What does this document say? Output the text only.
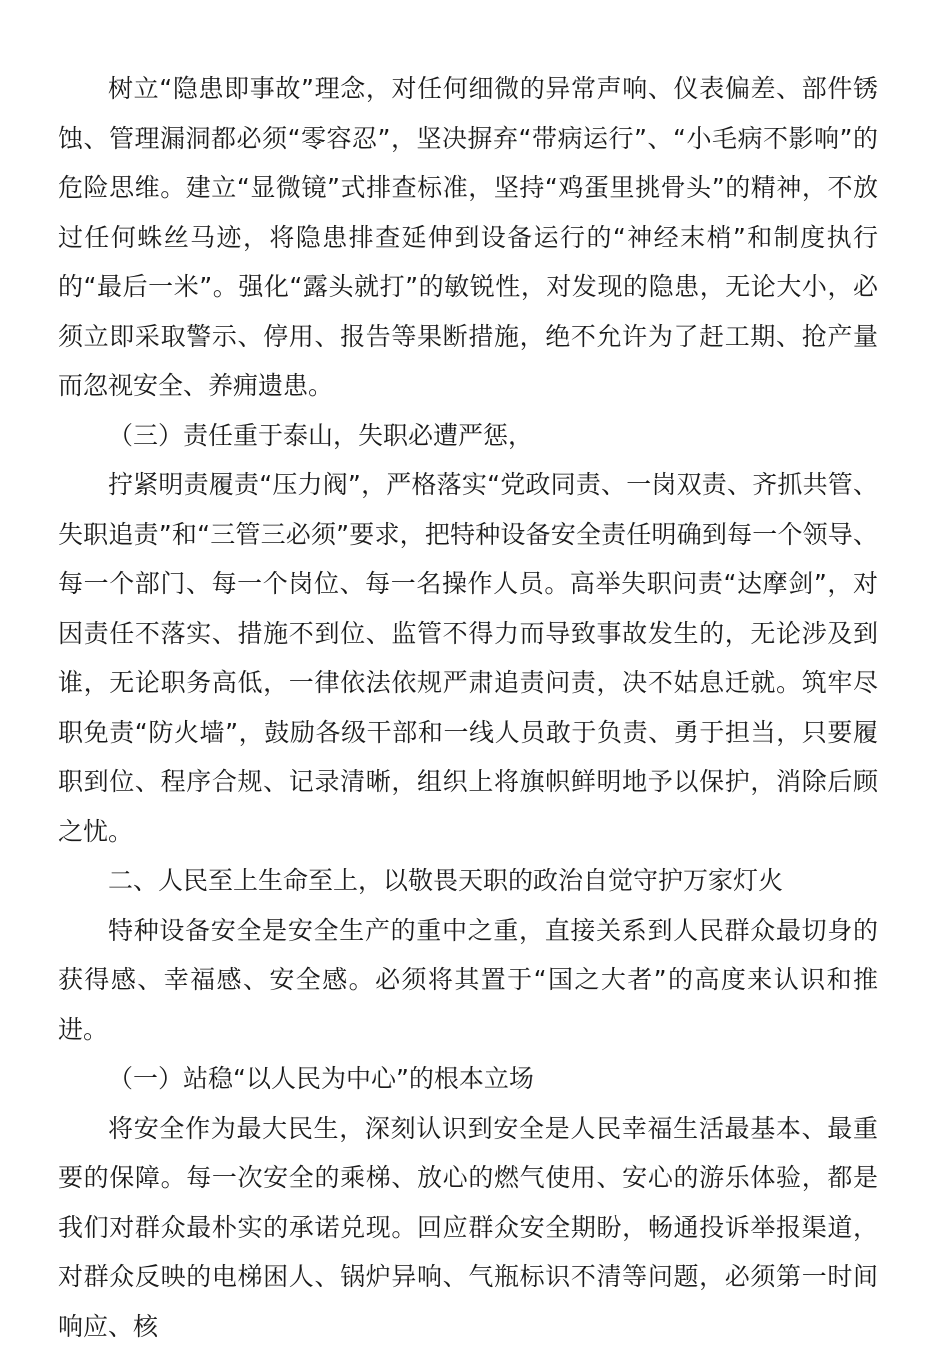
树立“隐患即事故”理念，对任何细微的异常声响、仪表偏差、部件锈蚀、管理漏洞都必须“零容忍”，坚决摒弃“带病运行”、“小毛病不影响”的危险思维。建立“显微镜”式排查标准，坚持“鸡蛋里挑骨头”的精神，不放过任何蛛丝马迹，将隐患排查延伸到设备运行的“神经末梢”和制度执行的“最后一米”。强化“露头就打”的敏锐性，对发现的隐患，无论大小，必须立即采取警示、停用、报告等果断措施，绝不允许为了赶工期、抢产量而忽视安全、养痈遗患。

（三）责任重于泰山，失职必遭严惩，

拧紧明责履责“压力阀”，严格落实“党政同责、一岗双责、齐抓共管、失职追责”和“三管三必须”要求，把特种设备安全责任明确到每一个领导、每一个部门、每一个岗位、每一名操作人员。高举失职问责“达摩剑”，对因责任不落实、措施不到位、监管不得力而导致事故发生的，无论涉及到谁，无论职务高低，一律依法依规严肃追责问责，决不姑息迁就。筑牢尽职免责“防火墙”，鼓励各级干部和一线人员敢于负责、勇于担当，只要履职到位、程序合规、记录清晰，组织上将旗帜鲜明地予以保护，消除后顾之忧。

二、人民至上生命至上，以敬畏天职的政治自觉守护万家灯火

特种设备安全是安全生产的重中之重，直接关系到人民群众最切身的获得感、幸福感、安全感。必须将其置于“国之大者”的高度来认识和推进。

（一）站稳“以人民为中心”的根本立场

将安全作为最大民生，深刻认识到安全是人民幸福生活最基本、最重要的保障。每一次安全的乘梯、放心的燃气使用、安心的游乐体验，都是我们对群众最朴实的承诺兑现。回应群众安全期盼，畅通投诉举报渠道，对群众反映的电梯困人、锅炉异响、气瓶标识不清等问题，必须第一时间响应、核
